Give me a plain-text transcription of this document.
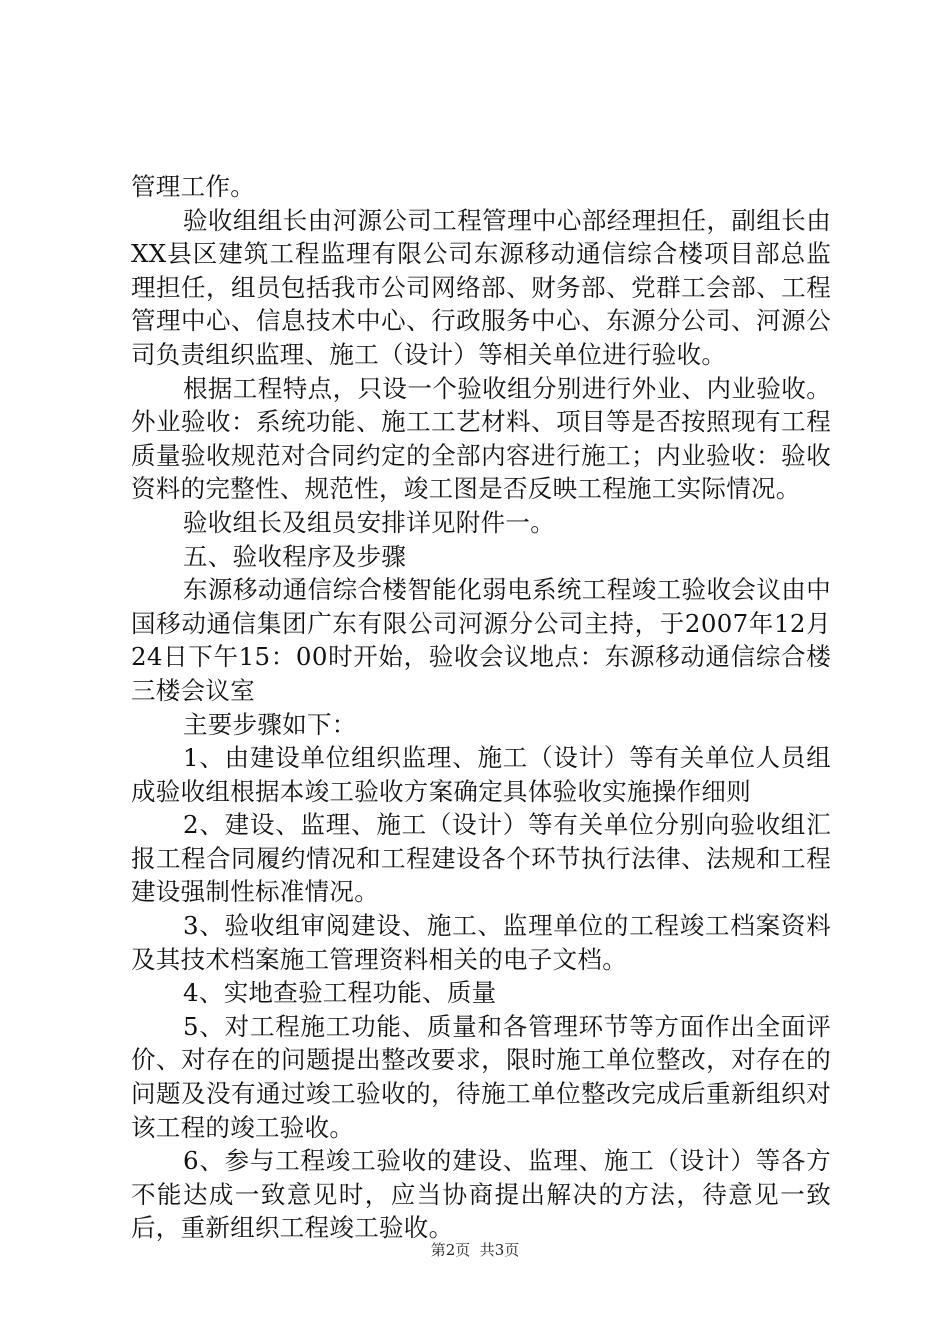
管理工作。

验收组组长由河源公司工程管理中心部经理担任，副组长由XX县区建筑工程监理有限公司东源移动通信综合楼项目部总监理担任，组员包括我市公司网络部、财务部、党群工会部、工程管理中心、信息技术中心、行政服务中心、东源分公司、河源公司负责组织监理、施工（设计）等相关单位进行验收。

根据工程特点，只设一个验收组分别进行外业、内业验收。外业验收：系统功能、施工工艺材料、项目等是否按照现有工程质量验收规范对合同约定的全部内容进行施工；内业验收：验收资料的完整性、规范性，竣工图是否反映工程施工实际情况。

验收组长及组员安排详见附件一。

五、验收程序及步骤

东源移动通信综合楼智能化弱电系统工程竣工验收会议由中国移动通信集团广东有限公司河源分公司主持，于2007年12月24日下午15：00时开始，验收会议地点：东源移动通信综合楼三楼会议室

主要步骤如下：

1、由建设单位组织监理、施工（设计）等有关单位人员组成验收组根据本竣工验收方案确定具体验收实施操作细则

2、建设、监理、施工（设计）等有关单位分别向验收组汇报工程合同履约情况和工程建设各个环节执行法律、法规和工程建设强制性标准情况。

3、验收组审阅建设、施工、监理单位的工程竣工档案资料及其技术档案施工管理资料相关的电子文档。

4、实地查验工程功能、质量

5、对工程施工功能、质量和各管理环节等方面作出全面评价、对存在的问题提出整改要求，限时施工单位整改，对存在的问题及没有通过竣工验收的，待施工单位整改完成后重新组织对该工程的竣工验收。

6、参与工程竣工验收的建设、监理、施工（设计）等各方不能达成一致意见时，应当协商提出解决的方法，待意见一致后，重新组织工程竣工验收。

第2页  共3页
